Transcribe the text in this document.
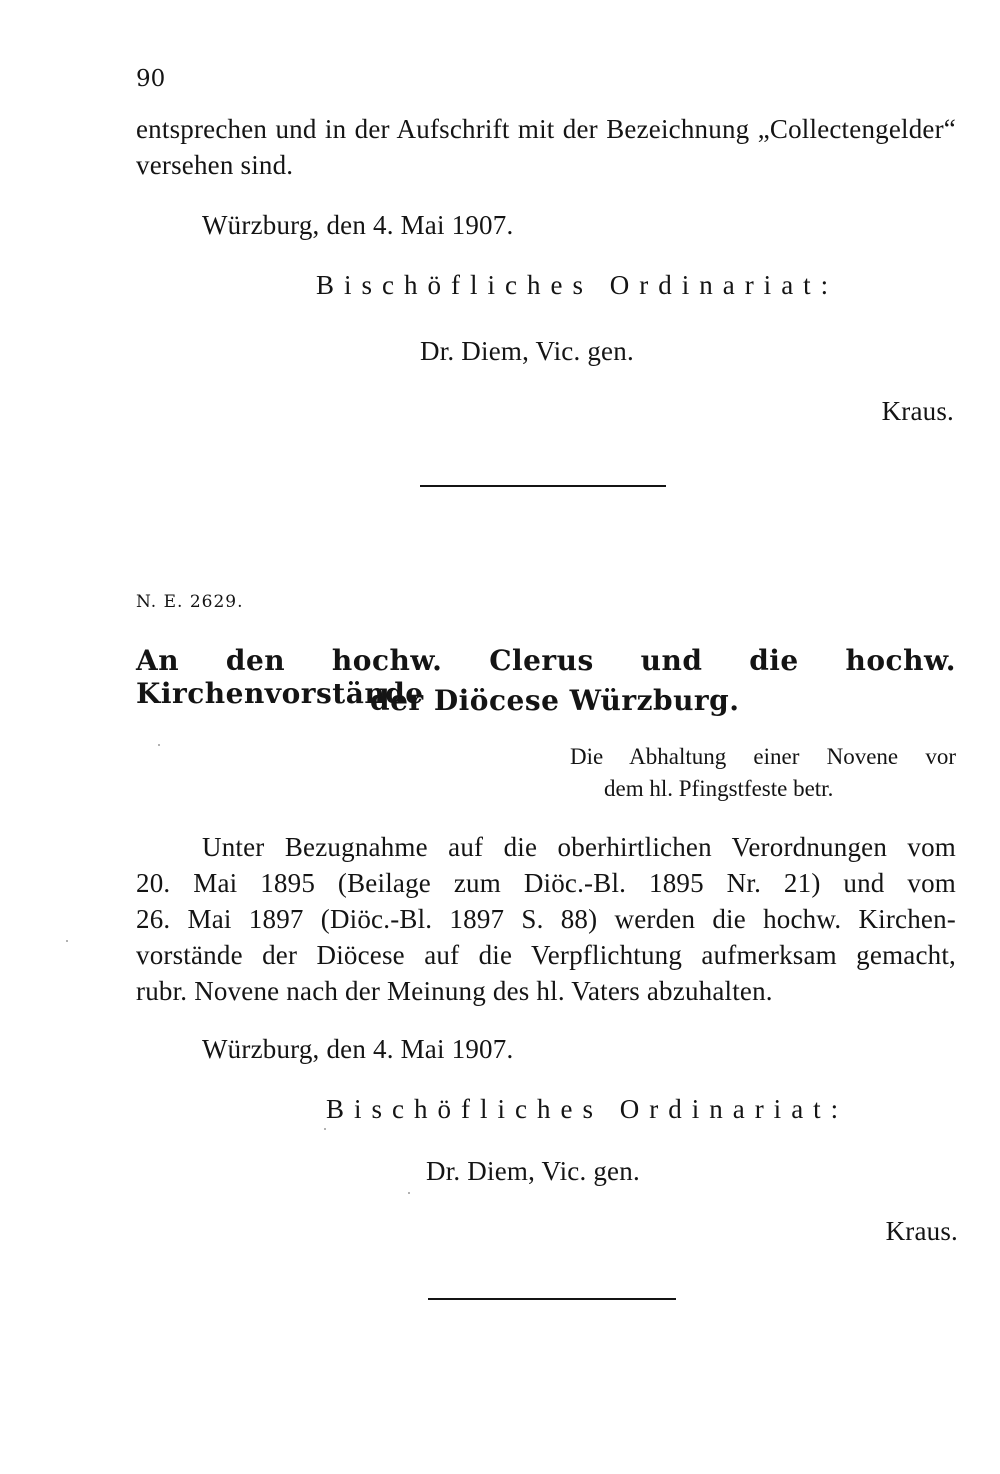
90
entsprechen und in der Aufschrift mit der Bezeichnung „Collectengelder“
versehen sind.
Würzburg, den 4. Mai 1907.
Bischöfliches Ordinariat:
Dr. Diem, Vic. gen.
Kraus.
N. E. 2629.
An den hochw. Clerus und die hochw. Kirchenvorstände
der Diöcese Würzburg.
Die Abhaltung einer Novene vor
dem hl. Pfingstfeste betr.
Unter Bezugnahme auf die oberhirtlichen Verordnungen vom
20. Mai 1895 (Beilage zum Diöc.-Bl. 1895 Nr. 21) und vom
26. Mai 1897 (Diöc.-Bl. 1897 S. 88) werden die hochw. Kirchen-
vorstände der Diöcese auf die Verpflichtung aufmerksam gemacht,
rubr. Novene nach der Meinung des hl. Vaters abzuhalten.
Würzburg, den 4. Mai 1907.
Bischöfliches Ordinariat:
Dr. Diem, Vic. gen.
Kraus.
